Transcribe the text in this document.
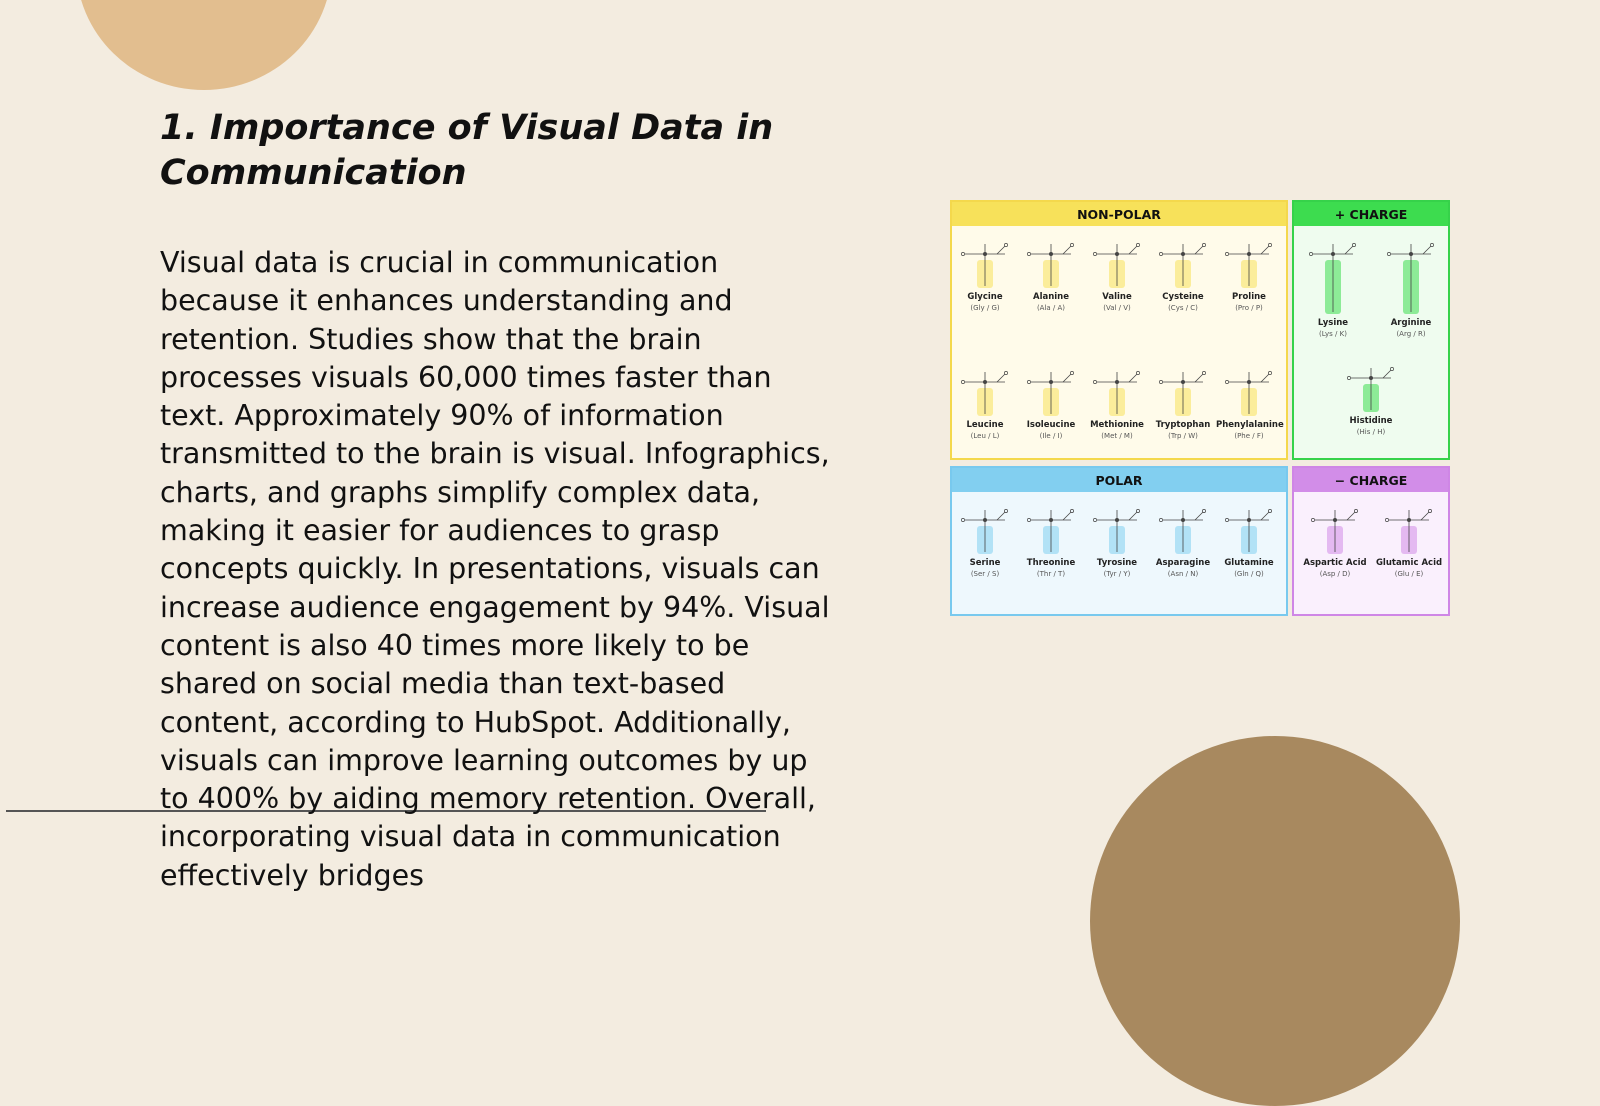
1. Importance of Visual Data in Communication

Visual data is crucial in communication because it enhances understanding and retention. Studies show that the brain processes visuals 60,000 times faster than text. Approximately 90% of information transmitted to the brain is visual. Infographics, charts, and graphs simplify complex data, making it easier for audiences to grasp concepts quickly. In presentations, visuals can increase audience engagement by 94%. Visual content is also 40 times more likely to be shared on social media than text-based content, according to HubSpot. Additionally, visuals can improve learning outcomes by up to 400% by aiding memory retention. Overall, incorporating visual data in communication effectively bridges

NON-POLAR
Glycine
(Gly / G)
Alanine
(Ala / A)
Valine
(Val / V)
Cysteine
(Cys / C)
Proline
(Pro / P)
Leucine
(Leu / L)
Isoleucine
(Ile / I)
Methionine
(Met / M)
Tryptophan
(Trp / W)
Phenylalanine
(Phe / F)
+ CHARGE
Lysine
(Lys / K)
Arginine
(Arg / R)
Histidine
(His / H)
POLAR
Serine
(Ser / S)
Threonine
(Thr / T)
Tyrosine
(Tyr / Y)
Asparagine
(Asn / N)
Glutamine
(Gln / Q)
− CHARGE
Aspartic Acid
(Asp / D)
Glutamic Acid
(Glu / E)
